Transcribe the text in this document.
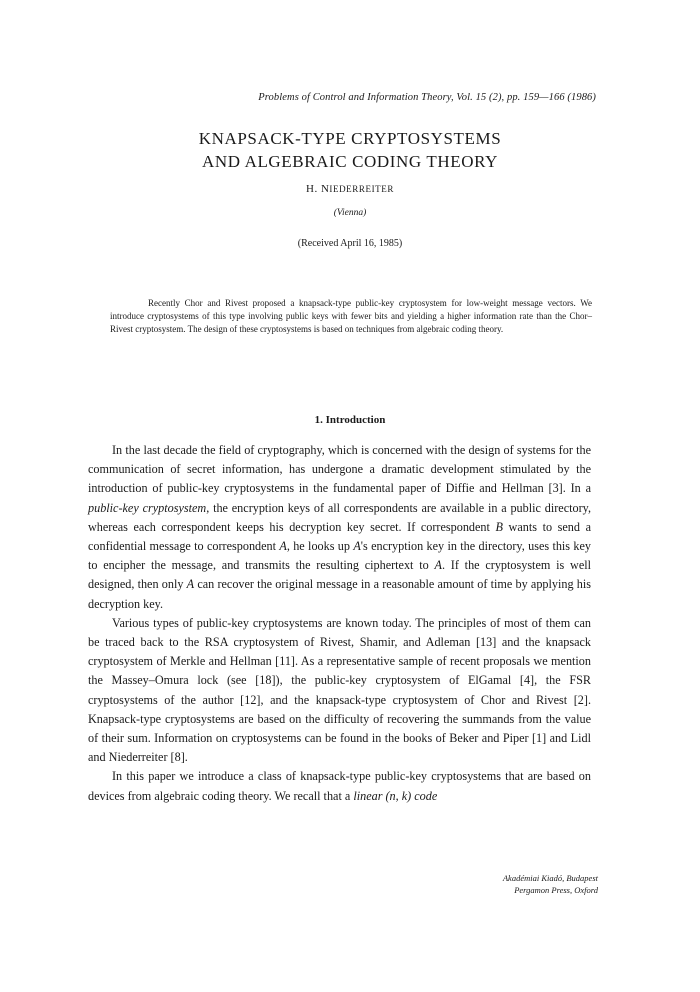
Problems of Control and Information Theory, Vol. 15 (2), pp. 159—166 (1986)
KNAPSACK-TYPE CRYPTOSYSTEMS
AND ALGEBRAIC CODING THEORY
H. NIEDERREITER
(Vienna)
(Received April 16, 1985)
Recently Chor and Rivest proposed a knapsack-type public-key cryptosystem for low-weight message vectors. We introduce cryptosystems of this type involving public keys with fewer bits and yielding a higher information rate than the Chor–Rivest cryptosystem. The design of these cryptosystems is based on techniques from algebraic coding theory.
1. Introduction

In the last decade the field of cryptography, which is concerned with the design of systems for the communication of secret information, has undergone a dramatic development stimulated by the introduction of public-key cryptosystems in the fundamental paper of Diffie and Hellman [3]. In a public-key cryptosystem, the encryption keys of all correspondents are available in a public directory, whereas each correspondent keeps his decryption key secret. If correspondent B wants to send a confidential message to correspondent A, he looks up A's encryption key in the directory, uses this key to encipher the message, and transmits the resulting ciphertext to A. If the cryptosystem is well designed, then only A can recover the original message in a reasonable amount of time by applying his decryption key.

Various types of public-key cryptosystems are known today. The principles of most of them can be traced back to the RSA cryptosystem of Rivest, Shamir, and Adleman [13] and the knapsack cryptosystem of Merkle and Hellman [11]. As a representative sample of recent proposals we mention the Massey–Omura lock (see [18]), the public-key cryptosystem of ElGamal [4], the FSR cryptosystems of the author [12], and the knapsack-type cryptosystem of Chor and Rivest [2]. Knapsack-type cryptosystems are based on the difficulty of recovering the summands from the value of their sum. Information on cryptosystems can be found in the books of Beker and Piper [1] and Lidl and Niederreiter [8].

In this paper we introduce a class of knapsack-type public-key cryptosystems that are based on devices from algebraic coding theory. We recall that a linear (n, k) code

Akadémiai Kiadó, Budapest
Pergamon Press, Oxford
